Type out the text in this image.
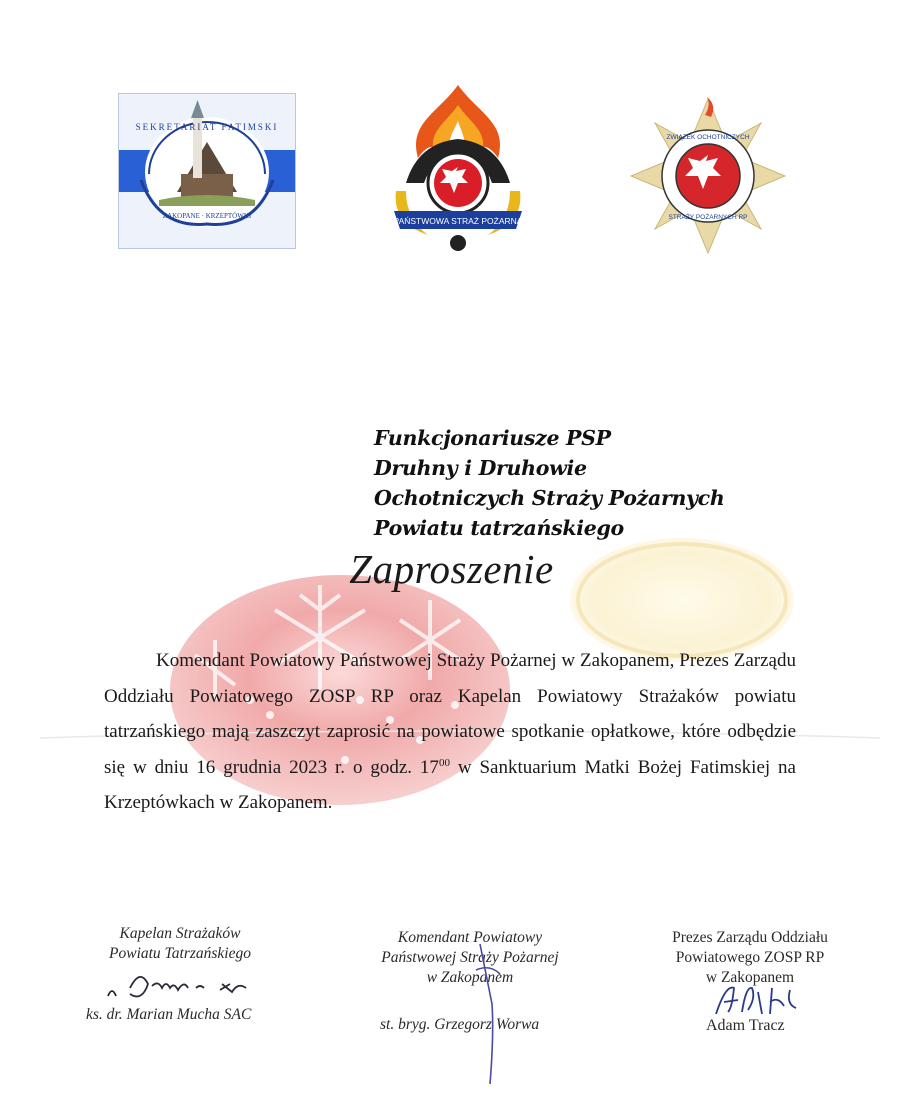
SEKRETARIAT FATIMSKI
ZAKOPANE · KRZEPTÓWKI	PAŃSTWOWA STRAŻ POŻARNA
ZWIĄZEK OCHOTNICZYCH
STRAŻY POŻARNYCH RP
Funkcjonariusze PSP
Druhny i Druhowie
Ochotniczych Straży Pożarnych
Powiatu tatrzańskiego
Zaproszenie
Komendant Powiatowy Państwowej Straży Pożarnej w Zakopanem, Prezes Zarządu Oddziału Powiatowego ZOSP RP oraz Kapelan Powiatowy Strażaków powiatu tatrzańskiego mają zaszczyt zaprosić na powiatowe spotkanie opłatkowe, które odbędzie się w dniu 16 grudnia 2023 r. o godz. $17^{00}$ w Sanktuarium Matki Bożej Fatimskiej na Krzeptówkach w Zakopanem.
Kapelan Strażaków
Powiatu Tatrzańskiego
ks. dr. Marian Mucha SAC
Komendant Powiatowy
Państwowej Straży Pożarnej
w Zakopanem
st. bryg. Grzegorz Worwa
Prezes Zarządu Oddziału
Powiatowego ZOSP RP
w Zakopanem
Adam Tracz
